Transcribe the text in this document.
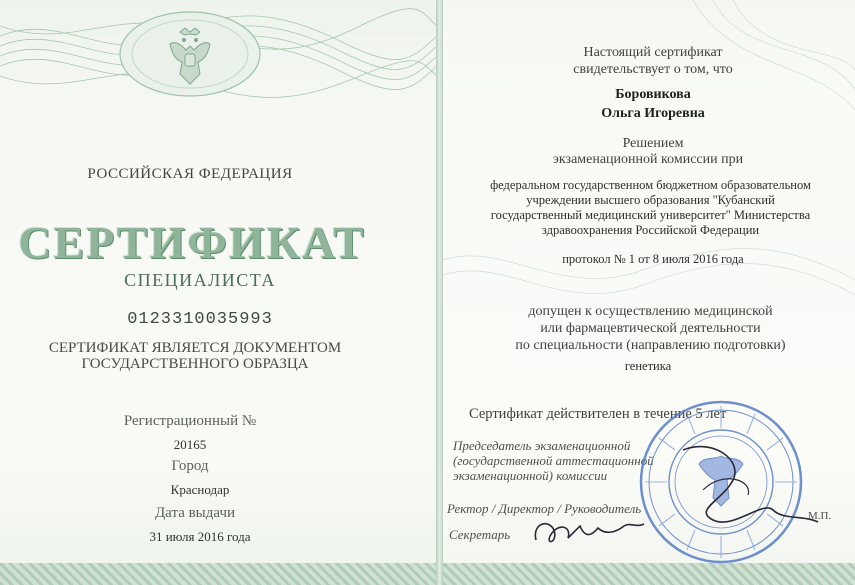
РОССИЙСКАЯ ФЕДЕРАЦИЯ
СЕРТИФИКАТ
СПЕЦИАЛИСТА
0123310035993
СЕРТИФИКАТ ЯВЛЯЕТСЯ ДОКУМЕНТОМ
ГОСУДАРСТВЕННОГО ОБРАЗЦА
Регистрационный №
20165
Город
Краснодар
Дата выдачи
31 июля 2016 года
Настоящий сертификат
свидетельствует о том, что
Боровикова
Ольга Игоревна
Решением
экзаменационной комиссии при
федеральном государственном бюджетном образовательном
учреждении высшего образования "Кубанский
государственный медицинский университет" Министерства
здравоохранения Российской Федерации
протокол № 1 от 8 июля 2016 года
допущен к осуществлению медицинской
или фармацевтической деятельности
по специальности (направлению подготовки)
генетика
Сертификат действителен в течение 5 лет
Председатель экзаменационной
(государственной аттестационной
экзаменационной) комиссии
Ректор / Директор / Руководитель	М.П.
Секретарь
